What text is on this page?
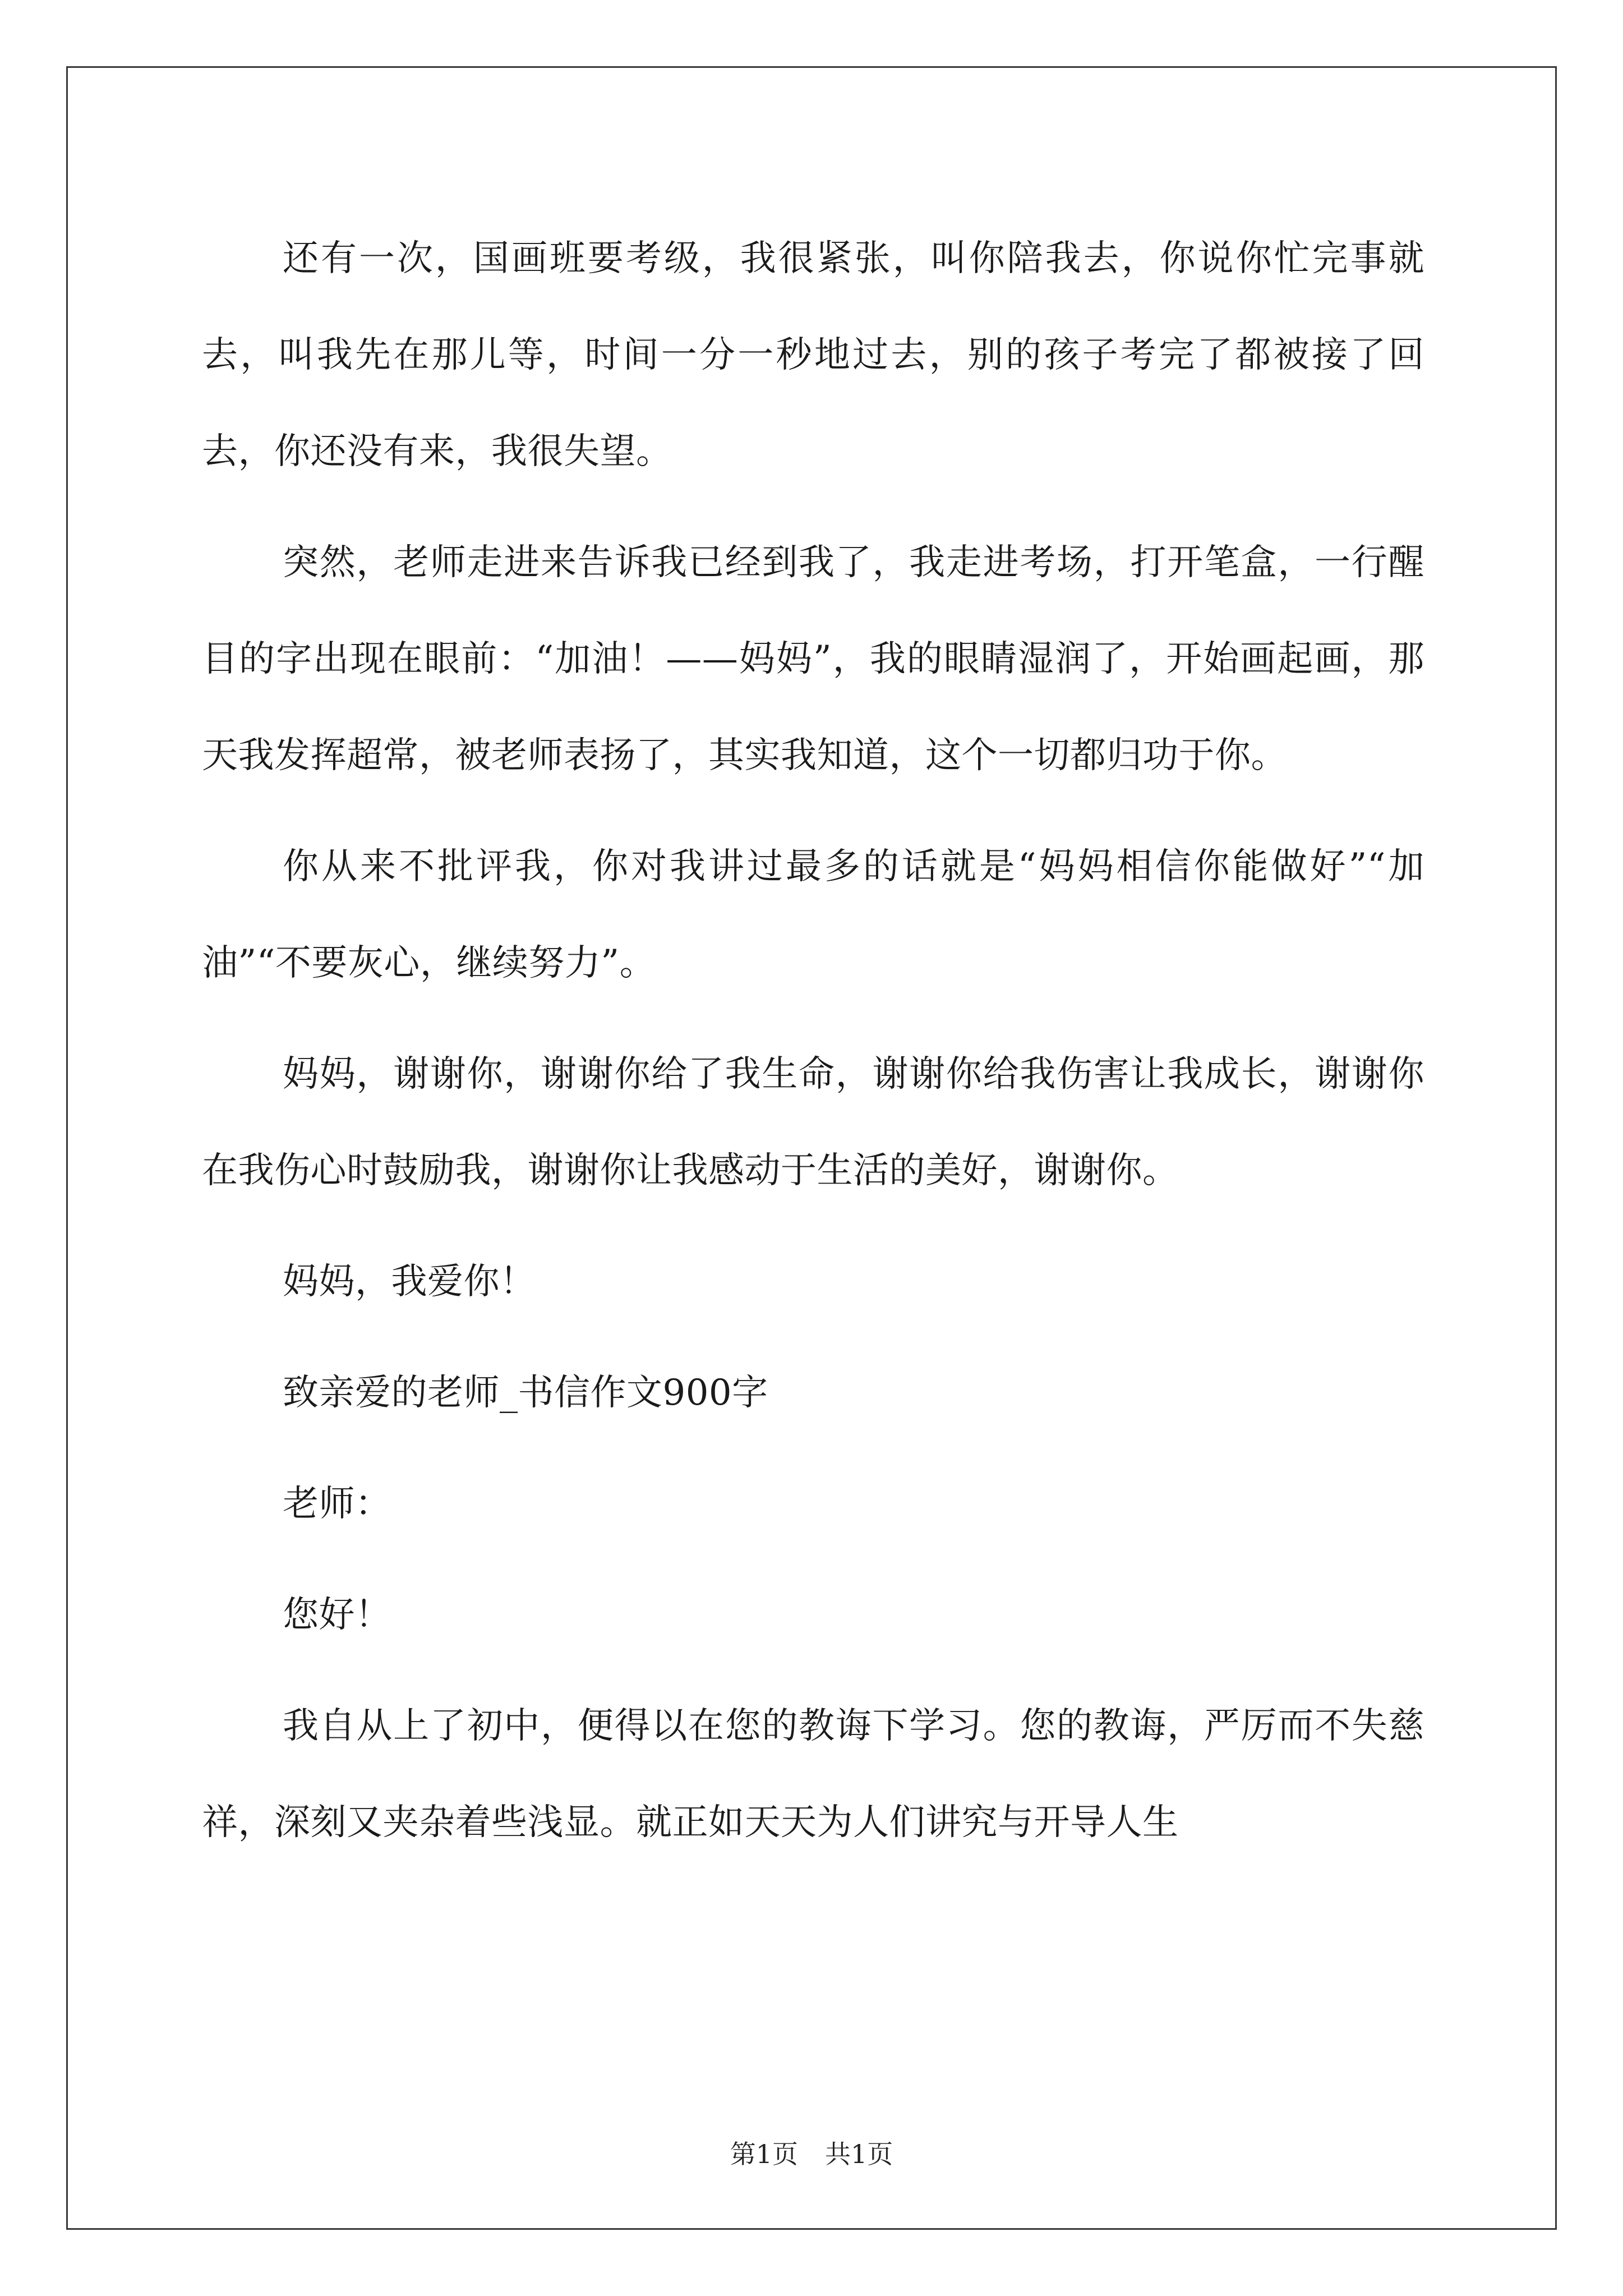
还有一次，国画班要考级，我很紧张，叫你陪我去，你说你忙完事就去，叫我先在那儿等，时间一分一秒地过去，别的孩子考完了都被接了回去，你还没有来，我很失望。

突然，老师走进来告诉我已经到我了，我走进考场，打开笔盒，一行醒目的字出现在眼前：“加油！——妈妈”，我的眼睛湿润了，开始画起画，那天我发挥超常，被老师表扬了，其实我知道，这个一切都归功于你。

你从来不批评我，你对我讲过最多的话就是“妈妈相信你能做好”“加油”“不要灰心，继续努力”。

妈妈，谢谢你，谢谢你给了我生命，谢谢你给我伤害让我成长，谢谢你在我伤心时鼓励我，谢谢你让我感动于生活的美好，谢谢你。

妈妈，我爱你！

致亲爱的老师_书信作文900字

老师：

您好！

我自从上了初中，便得以在您的教诲下学习。您的教诲，严厉而不失慈祥，深刻又夹杂着些浅显。就正如天天为人们讲究与开导人生

第1页 共1页
